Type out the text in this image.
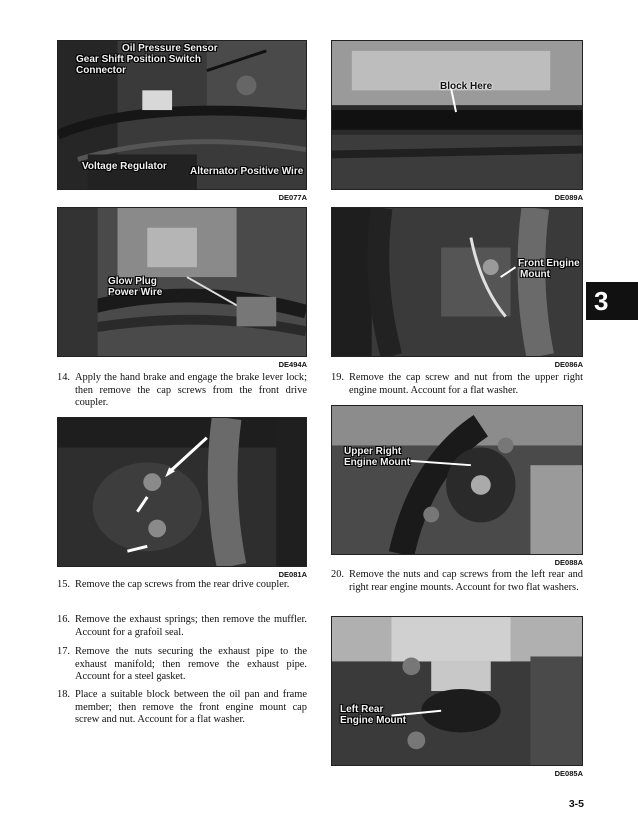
Oil Pressure Sensor
Gear Shift Position Switch
Connector
Voltage Regulator Alternator Positive Wire
DE077A
Glow Plug
Power Wire
DE494A
14. Apply the hand brake and engage the brake lever lock; then remove the cap screws from the front drive coupler.
DE081A
15. Remove the cap screws from the rear drive coupler.
16. Remove the exhaust springs; then remove the muffler. Account for a grafoil seal.
17. Remove the nuts securing the exhaust pipe to the exhaust manifold; then remove the exhaust pipe. Account for a steel gasket.
18. Place a suitable block between the oil pan and frame member; then remove the front engine mount cap screw and nut. Account for a flat washer.
Block Here
DE089A
Front Engine
Mount
DE086A
19. Remove the cap screw and nut from the upper right engine mount. Account for a flat washer.
Upper Right
Engine Mount
DE088A
20. Remove the nuts and cap screws from the left rear and right rear engine mounts. Account for two flat washers.
Left Rear
Engine Mount
DE085A
3
3-5
